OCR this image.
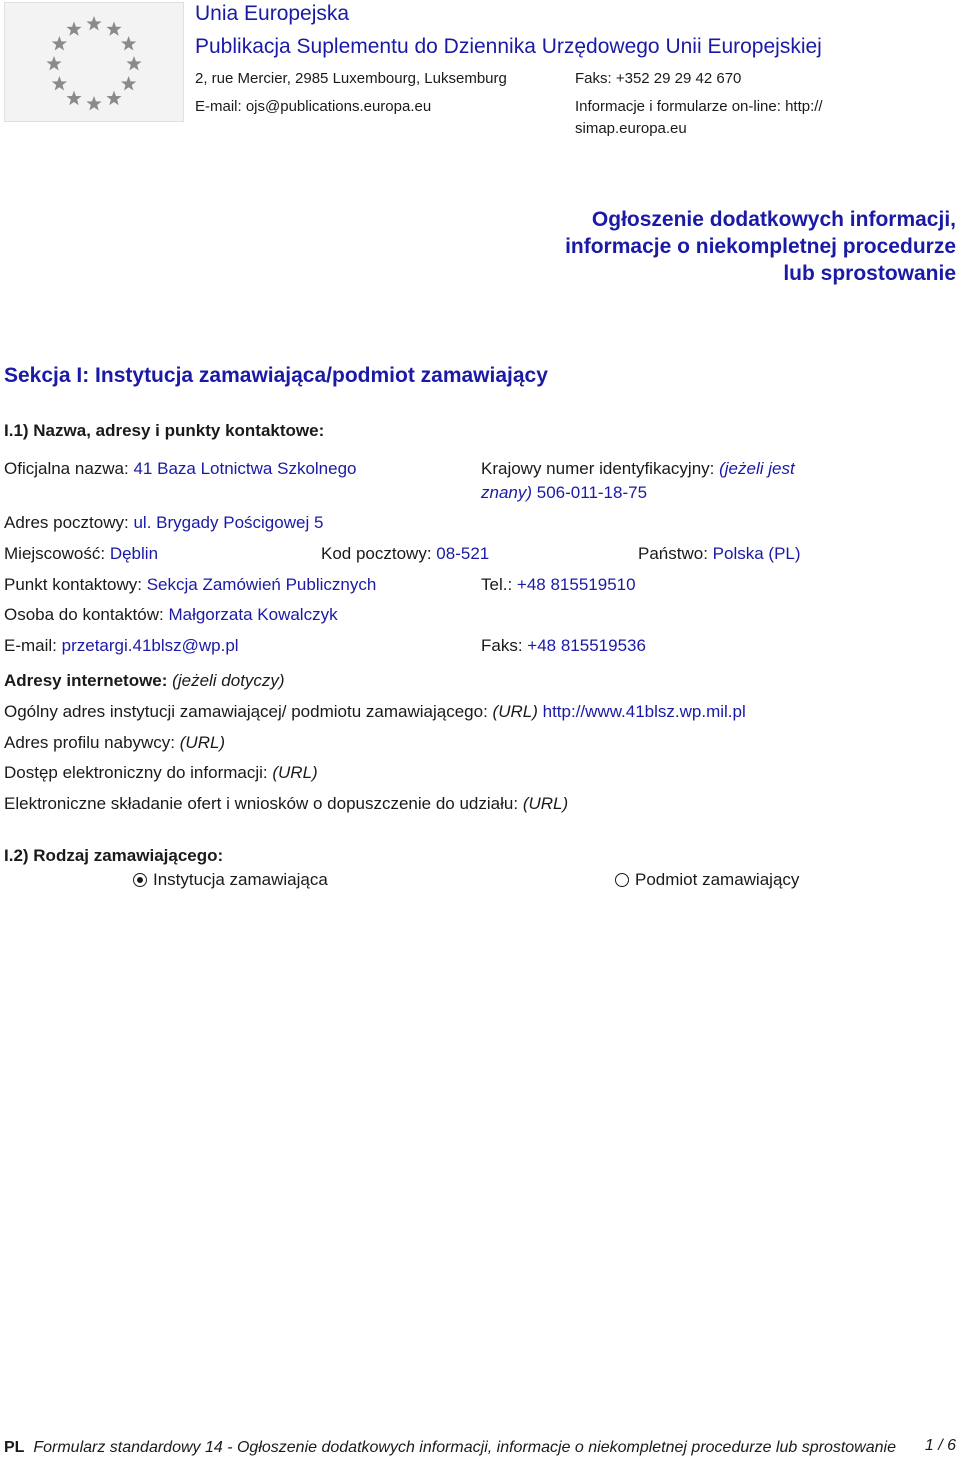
Unia Europejska
Publikacja Suplementu do Dziennika Urzędowego Unii Europejskiej
2, rue Mercier, 2985 Luxembourg, Luksemburg	Faks: +352 29 29 42 670
E-mail: ojs@publications.europa.eu	Informacje i formularze on-line: http://
simap.europa.eu
Ogłoszenie dodatkowych informacji, informacje o niekompletnej procedurze lub sprostowanie
Sekcja I: Instytucja zamawiająca/podmiot zamawiający
I.1) Nazwa, adresy i punkty kontaktowe:
Oficjalna nazwa: 41 Baza Lotnictwa Szkolnego	Krajowy numer identyfikacyjny: (jeżeli jest
znany) 506-011-18-75
Adres pocztowy: ul. Brygady Pościgowej 5
Miejscowość: Dęblin	Kod pocztowy: 08-521	Państwo: Polska (PL)
Punkt kontaktowy: Sekcja Zamówień Publicznych	Tel.: +48 815519510
Osoba do kontaktów: Małgorzata Kowalczyk
E-mail: przetargi.41blsz@wp.pl	Faks: +48 815519536
Adresy internetowe: (jeżeli dotyczy)
Ogólny adres instytucji zamawiającej/ podmiotu zamawiającego: (URL) http://www.41blsz.wp.mil.pl
Adres profilu nabywcy: (URL)
Dostęp elektroniczny do informacji: (URL)
Elektroniczne składanie ofert i wniosków o dopuszczenie do udziału: (URL)
I.2) Rodzaj zamawiającego:
Instytucja zamawiająca	Podmiot zamawiający
PL Formularz standardowy 14 - Ogłoszenie dodatkowych informacji, informacje o niekompletnej procedurze lub sprostowanie	1 / 6
